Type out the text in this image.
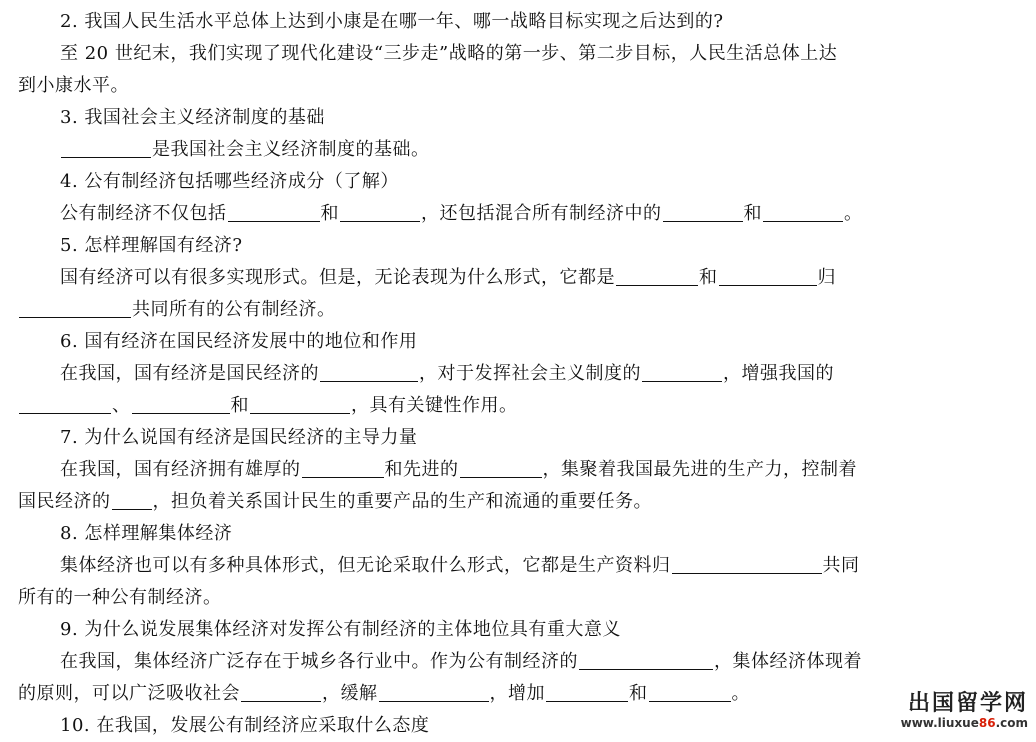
2. 我国人民生活水平总体上达到小康是在哪一年、哪一战略目标实现之后达到的?
至 20 世纪末，我们实现了现代化建设“三步走”战略的第一步、第二步目标，人民生活总体上达
到小康水平。
3. 我国社会主义经济制度的基础
是我国社会主义经济制度的基础。
4. 公有制经济包括哪些经济成分（了解）
公有制经济不仅包括	和	，还包括混合所有制经济中的	和	。
5. 怎样理解国有经济?
国有经济可以有很多实现形式。但是，无论表现为什么形式，它都是	和	归
共同所有的公有制经济。
6. 国有经济在国民经济发展中的地位和作用
在我国，国有经济是国民经济的	，对于发挥社会主义制度的	，增强我国的
、	和	，具有关键性作用。
7. 为什么说国有经济是国民经济的主导力量
在我国，国有经济拥有雄厚的	和先进的	，集聚着我国最先进的生产力，控制着
国民经济的 ，担负着关系国计民生的重要产品的生产和流通的重要任务。
8. 怎样理解集体经济
集体经济也可以有多种具体形式，但无论采取什么形式，它都是生产资料归	共同
所有的一种公有制经济。
9. 为什么说发展集体经济对发挥公有制经济的主体地位具有重大意义
在我国，集体经济广泛存在于城乡各行业中。作为公有制经济的	，集体经济体现着
的原则，可以广泛吸收社会	，缓解	，增加	和	。
10. 在我国，发展公有制经济应采取什么态度
出国留学网
www.liuxue86.com
